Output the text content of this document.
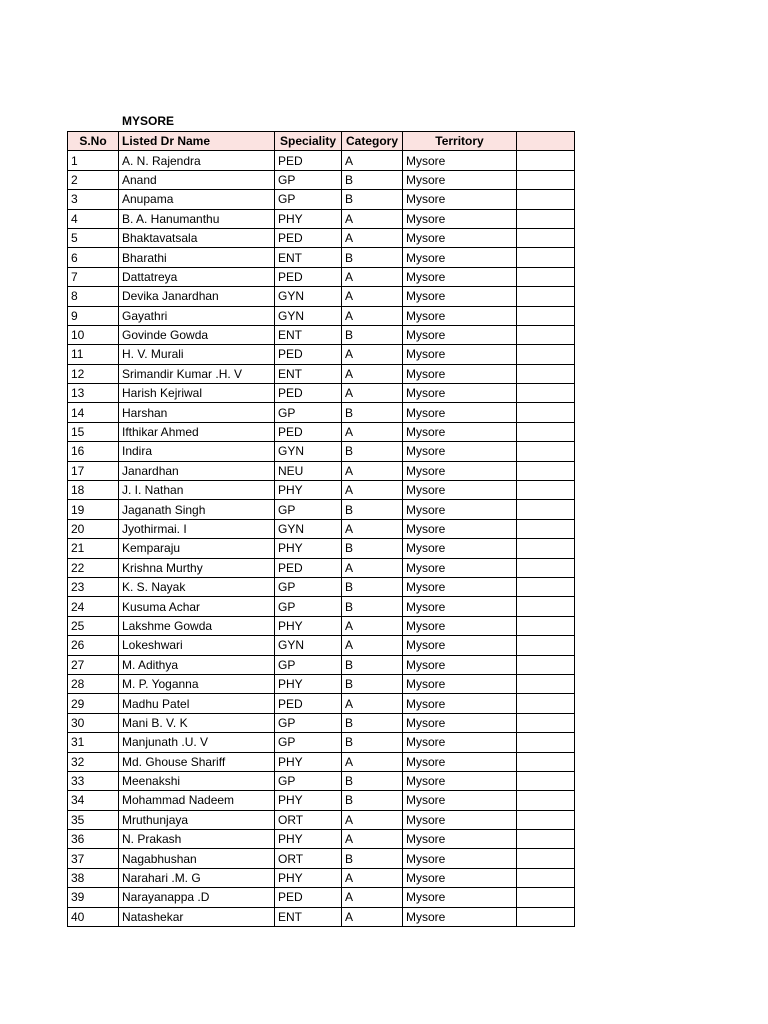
MYSORE
S.No	Listed Dr Name	Speciality	Category	Territory	
1	A. N. Rajendra	PED	A	Mysore	
2	Anand	GP	B	Mysore	
3	Anupama	GP	B	Mysore	
4	B. A. Hanumanthu	PHY	A	Mysore	
5	Bhaktavatsala	PED	A	Mysore	
6	Bharathi	ENT	B	Mysore	
7	Dattatreya	PED	A	Mysore	
8	Devika Janardhan	GYN	A	Mysore	
9	Gayathri	GYN	A	Mysore	
10	Govinde Gowda	ENT	B	Mysore	
11	H. V. Murali	PED	A	Mysore	
12	Srimandir Kumar .H. V	ENT	A	Mysore	
13	Harish Kejriwal	PED	A	Mysore	
14	Harshan	GP	B	Mysore	
15	Ifthikar Ahmed	PED	A	Mysore	
16	Indira	GYN	B	Mysore	
17	Janardhan	NEU	A	Mysore	
18	J. I. Nathan	PHY	A	Mysore	
19	Jaganath Singh	GP	B	Mysore	
20	Jyothirmai. I	GYN	A	Mysore	
21	Kemparaju	PHY	B	Mysore	
22	Krishna Murthy	PED	A	Mysore	
23	K. S. Nayak	GP	B	Mysore	
24	Kusuma Achar	GP	B	Mysore	
25	Lakshme Gowda	PHY	A	Mysore	
26	Lokeshwari	GYN	A	Mysore	
27	M. Adithya	GP	B	Mysore	
28	M. P. Yoganna	PHY	B	Mysore	
29	Madhu Patel	PED	A	Mysore	
30	Mani B. V. K	GP	B	Mysore	
31	Manjunath .U. V	GP	B	Mysore	
32	Md. Ghouse Shariff	PHY	A	Mysore	
33	Meenakshi	GP	B	Mysore	
34	Mohammad Nadeem	PHY	B	Mysore	
35	Mruthunjaya	ORT	A	Mysore	
36	N. Prakash	PHY	A	Mysore	
37	Nagabhushan	ORT	B	Mysore	
38	Narahari .M. G	PHY	A	Mysore	
39	Narayanappa .D	PED	A	Mysore	
40	Natashekar	ENT	A	Mysore	
